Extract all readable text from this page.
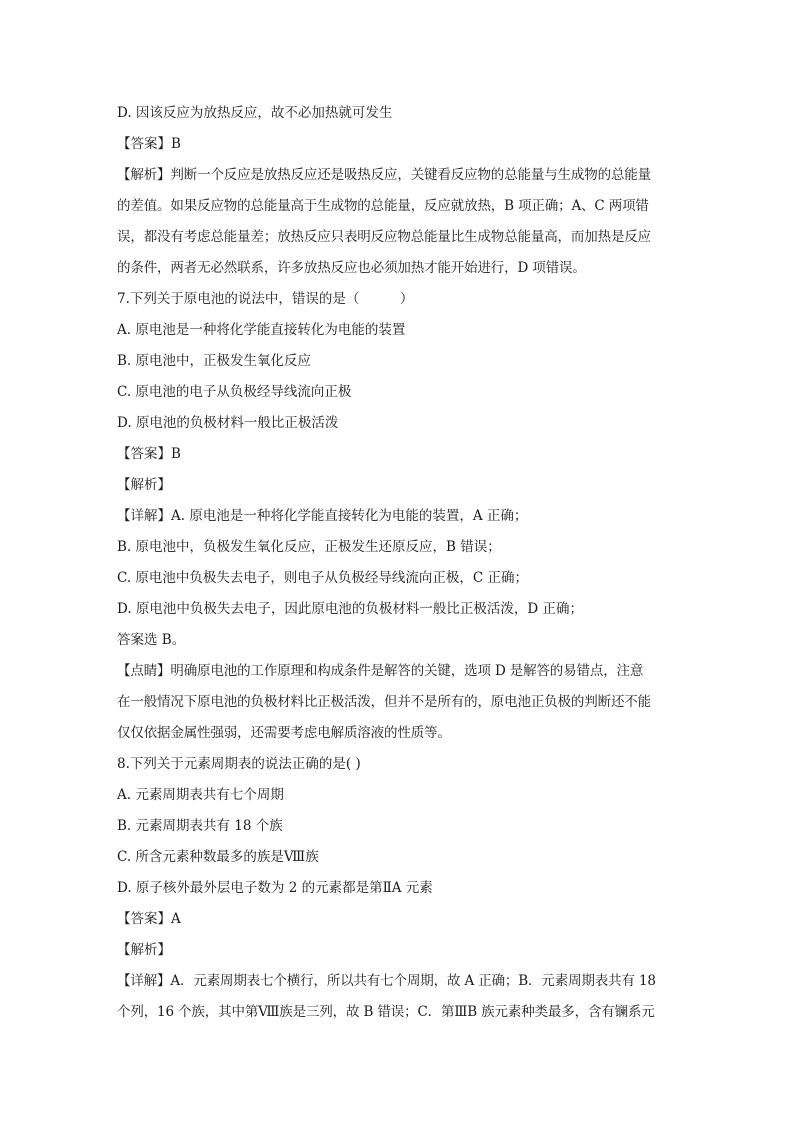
D. 因该反应为放热反应，故不必加热就可发生
【答案】B
【解析】判断一个反应是放热反应还是吸热反应，关键看反应物的总能量与生成物的总能量
的差值。如果反应物的总能量高于生成物的总能量，反应就放热，B 项正确；A、C 两项错
误，都没有考虑总能量差；放热反应只表明反应物总能量比生成物总能量高，而加热是反应
的条件，两者无必然联系，许多放热反应也必须加热才能开始进行，D 项错误。
7.下列关于原电池的说法中，错误的是（　　　）
A. 原电池是一种将化学能直接转化为电能的装置
B. 原电池中，正极发生氧化反应
C. 原电池的电子从负极经导线流向正极
D. 原电池的负极材料一般比正极活泼
【答案】B
【解析】
【详解】A. 原电池是一种将化学能直接转化为电能的装置，A 正确；
B. 原电池中，负极发生氧化反应，正极发生还原反应，B 错误；
C. 原电池中负极失去电子，则电子从负极经导线流向正极，C 正确；
D. 原电池中负极失去电子，因此原电池的负极材料一般比正极活泼，D 正确；
答案选 B。
【点睛】明确原电池的工作原理和构成条件是解答的关键，选项 D 是解答的易错点，注意
在一般情况下原电池的负极材料比正极活泼，但并不是所有的，原电池正负极的判断还不能
仅仅依据金属性强弱，还需要考虑电解质溶液的性质等。
8.下列关于元素周期表的说法正确的是( )
A. 元素周期表共有七个周期
B. 元素周期表共有 18 个族
C. 所含元素种数最多的族是Ⅷ族
D. 原子核外最外层电子数为 2 的元素都是第ⅡA 元素
【答案】A
【解析】
【详解】A．元素周期表七个横行，所以共有七个周期，故 A 正确；B．元素周期表共有 18
个列，16 个族，其中第Ⅷ族是三列，故 B 错误；C．第ⅢB 族元素种类最多，含有镧系元
